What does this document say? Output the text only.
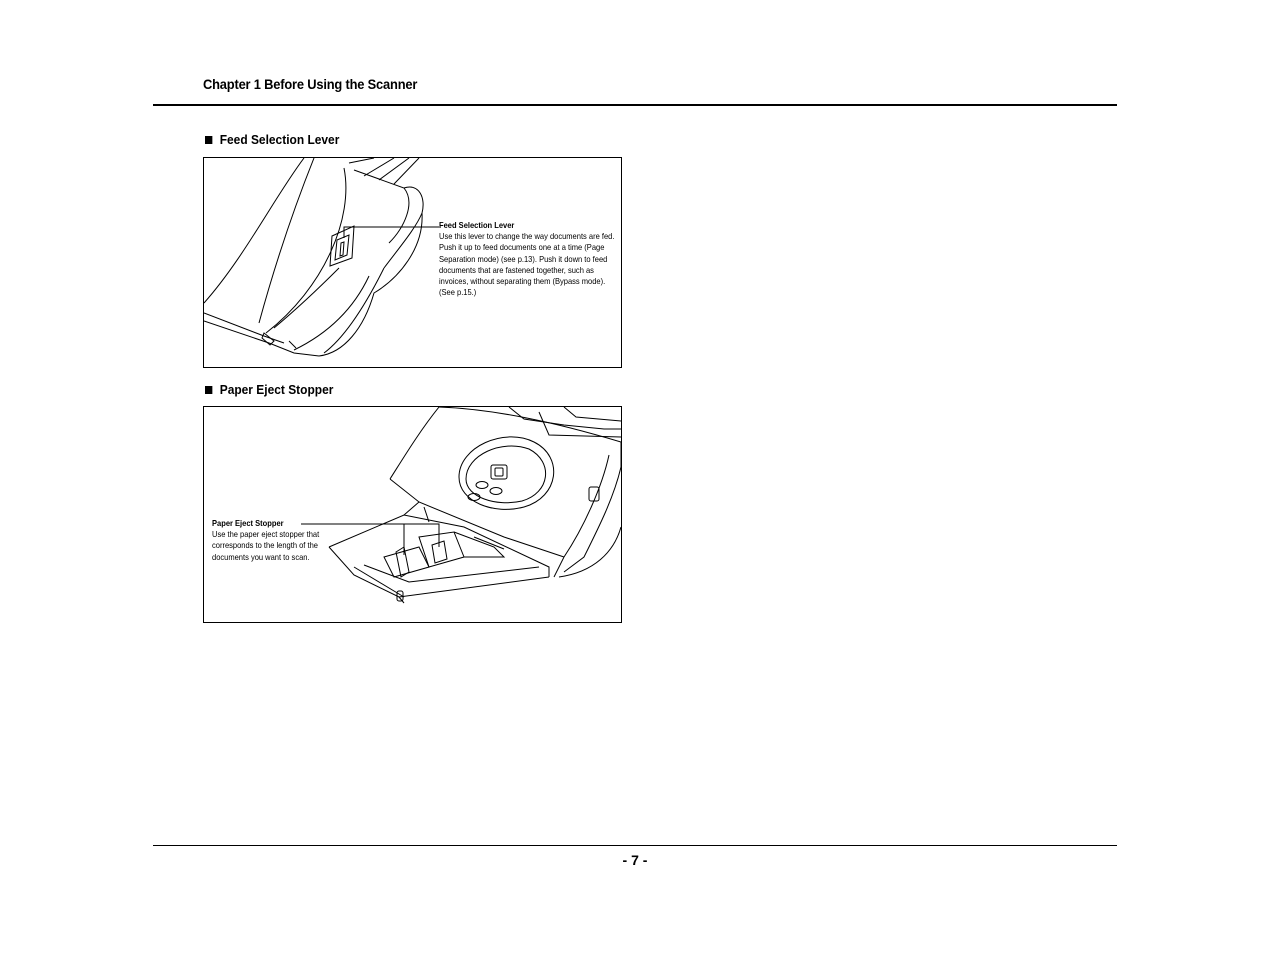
Chapter 1 Before Using the Scanner
Feed Selection Lever
Feed Selection Lever
Use this lever to change the way documents are fed. Push it up to feed documents one at a time (Page Separation mode) (see p.13). Push it down to feed documents that are fastened together, such as invoices, without separating them (Bypass mode). (See p.15.)
Paper Eject Stopper
Paper Eject Stopper
Use the paper eject stopper that corresponds to the length of the documents you want to scan.
- 7 -
